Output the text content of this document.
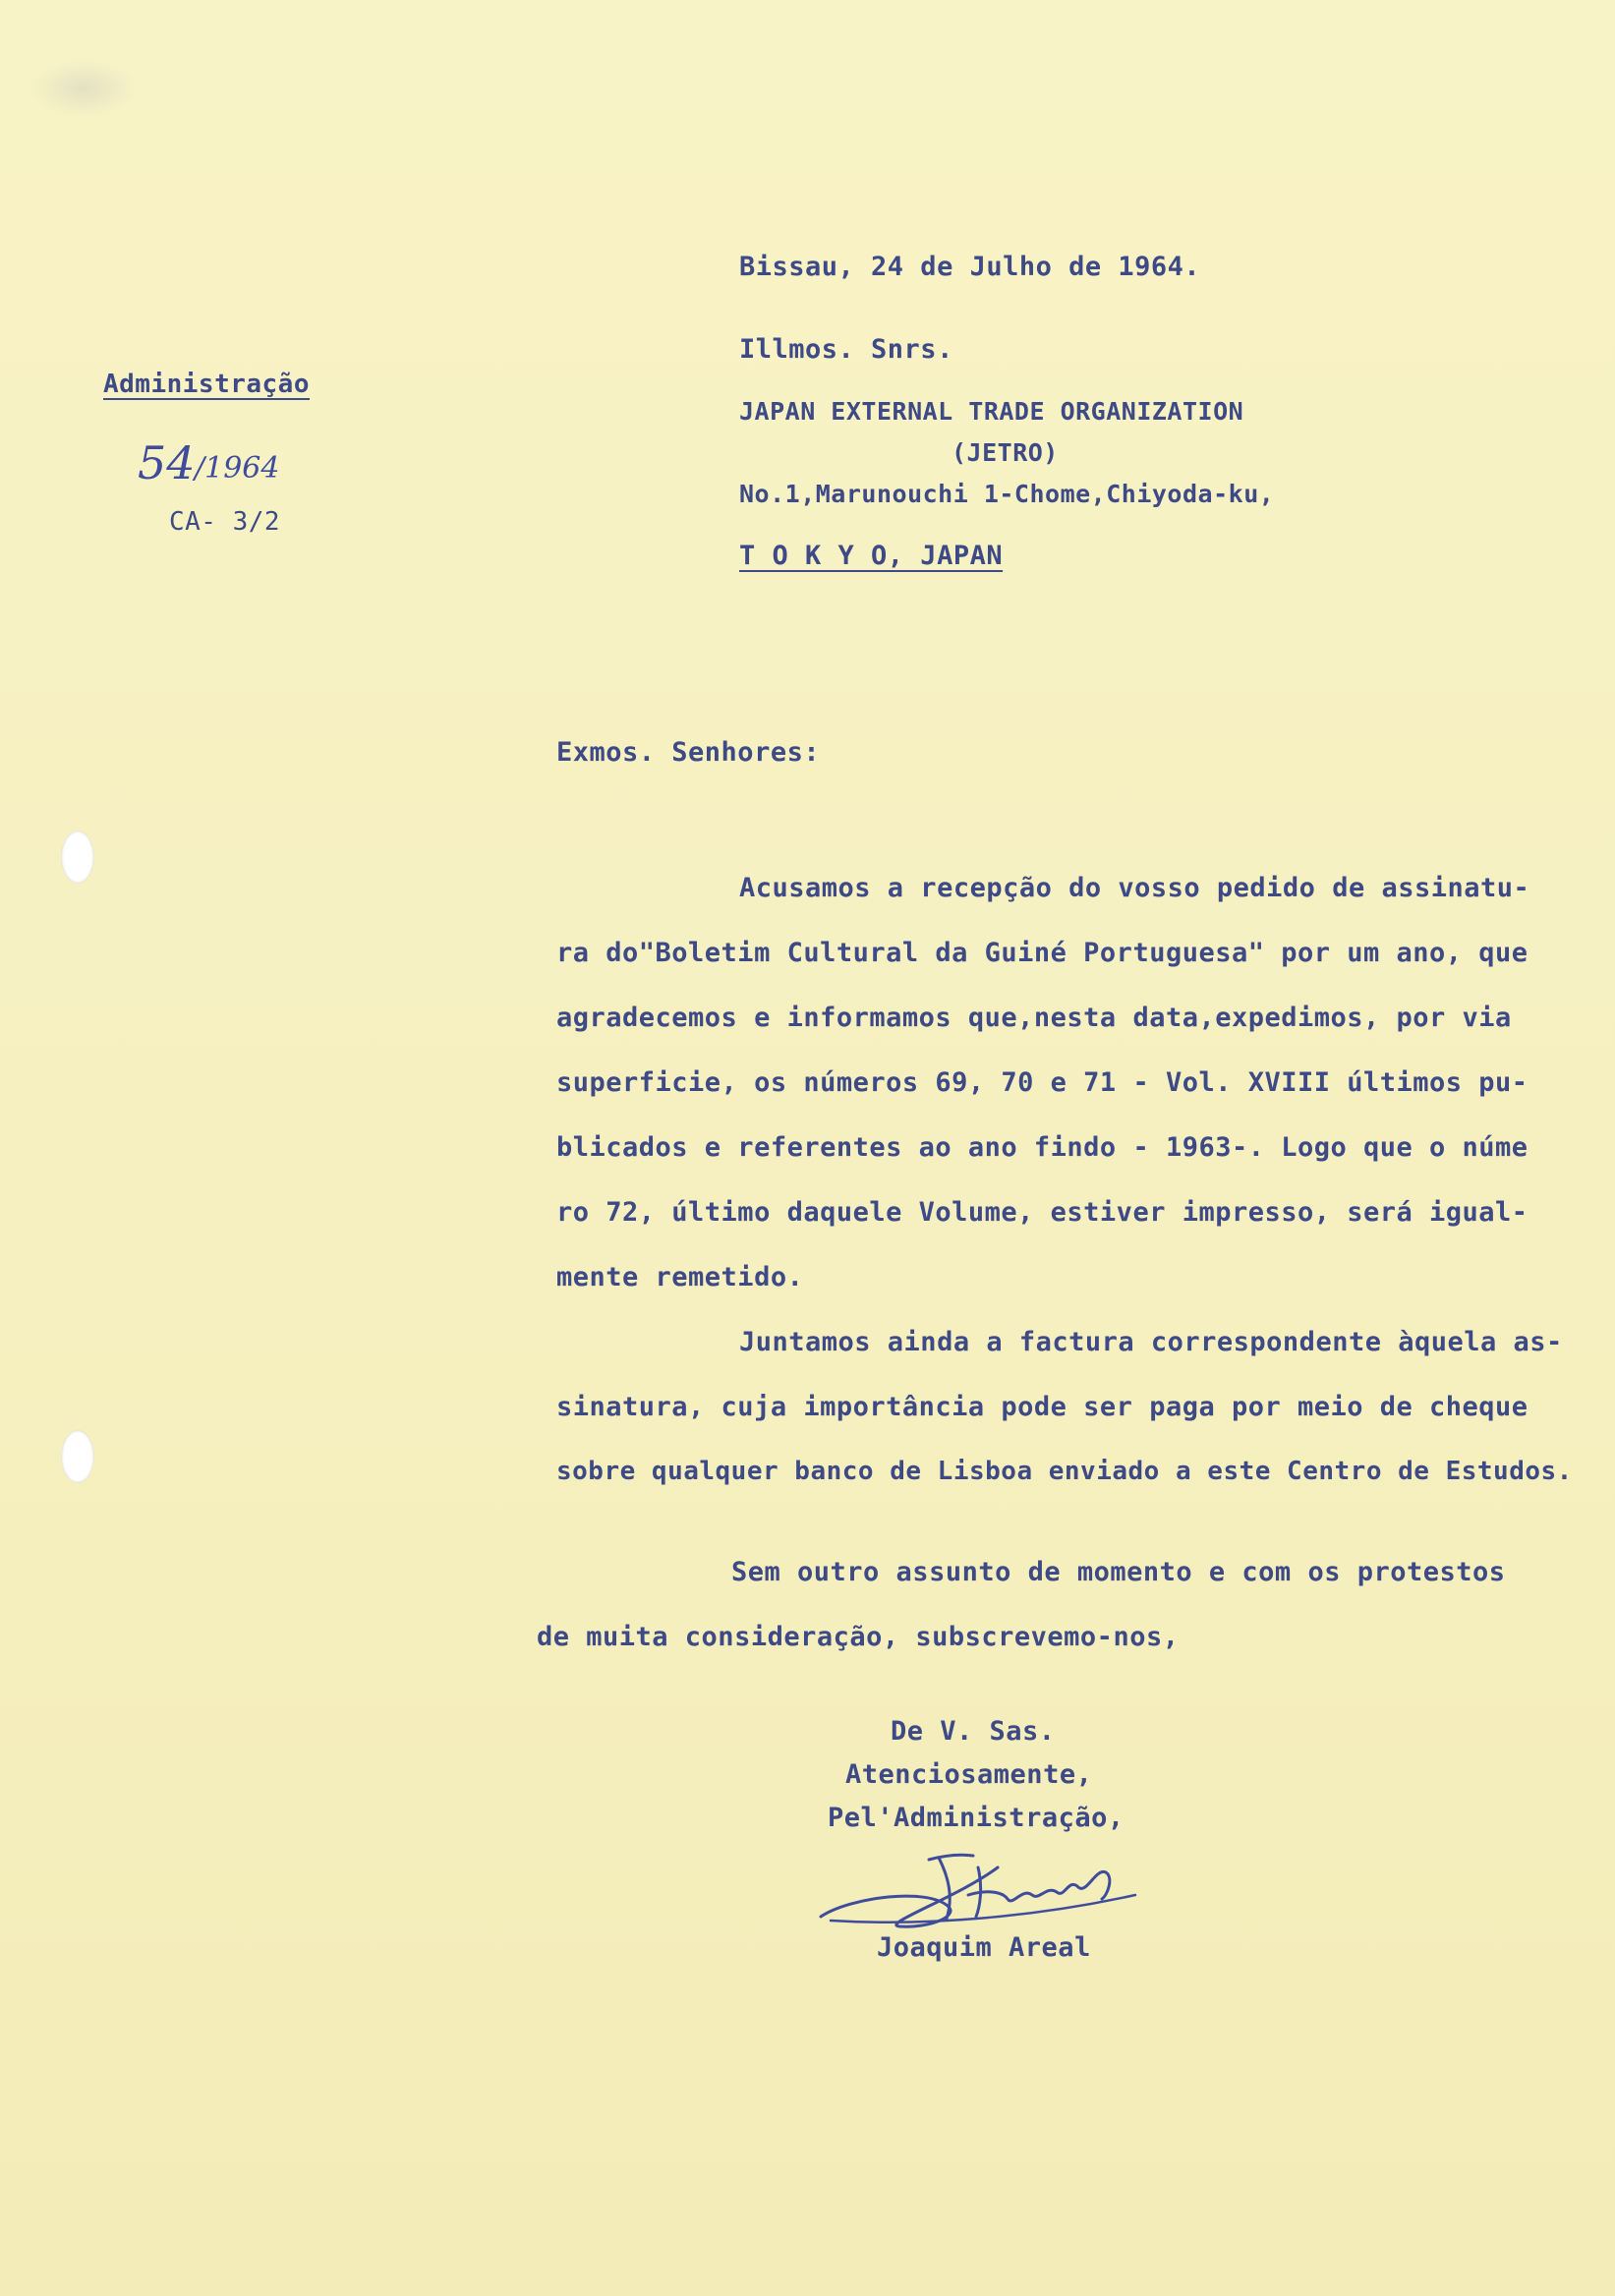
Administração
54 /1964
CA- 3/2
Bissau, 24 de Julho de 1964.
Illmos. Snrs.
JAPAN EXTERNAL TRADE ORGANIZATION
(JETRO)
No.1,Marunouchi 1-Chome,Chiyoda-ku,
T O K Y O, JAPAN
Exmos. Senhores:
Acusamos a recepção do vosso pedido de assinatu-
ra do"Boletim Cultural da Guiné Portuguesa" por um ano, que
agradecemos e informamos que,nesta data,expedimos, por via
superficie, os números 69, 70 e 71 - Vol. XVIII últimos pu-
blicados e referentes ao ano findo - 1963-. Logo que o núme
ro 72, último daquele Volume, estiver impresso, será igual-
mente remetido.
Juntamos ainda a factura correspondente àquela as-
sinatura, cuja importância pode ser paga por meio de cheque
sobre qualquer banco de Lisboa enviado a este Centro de Estudos.
Sem outro assunto de momento e com os protestos
de muita consideração, subscrevemo-nos,
De V. Sas.
Atenciosamente,
Pel'Administração,
Joaquim Areal
